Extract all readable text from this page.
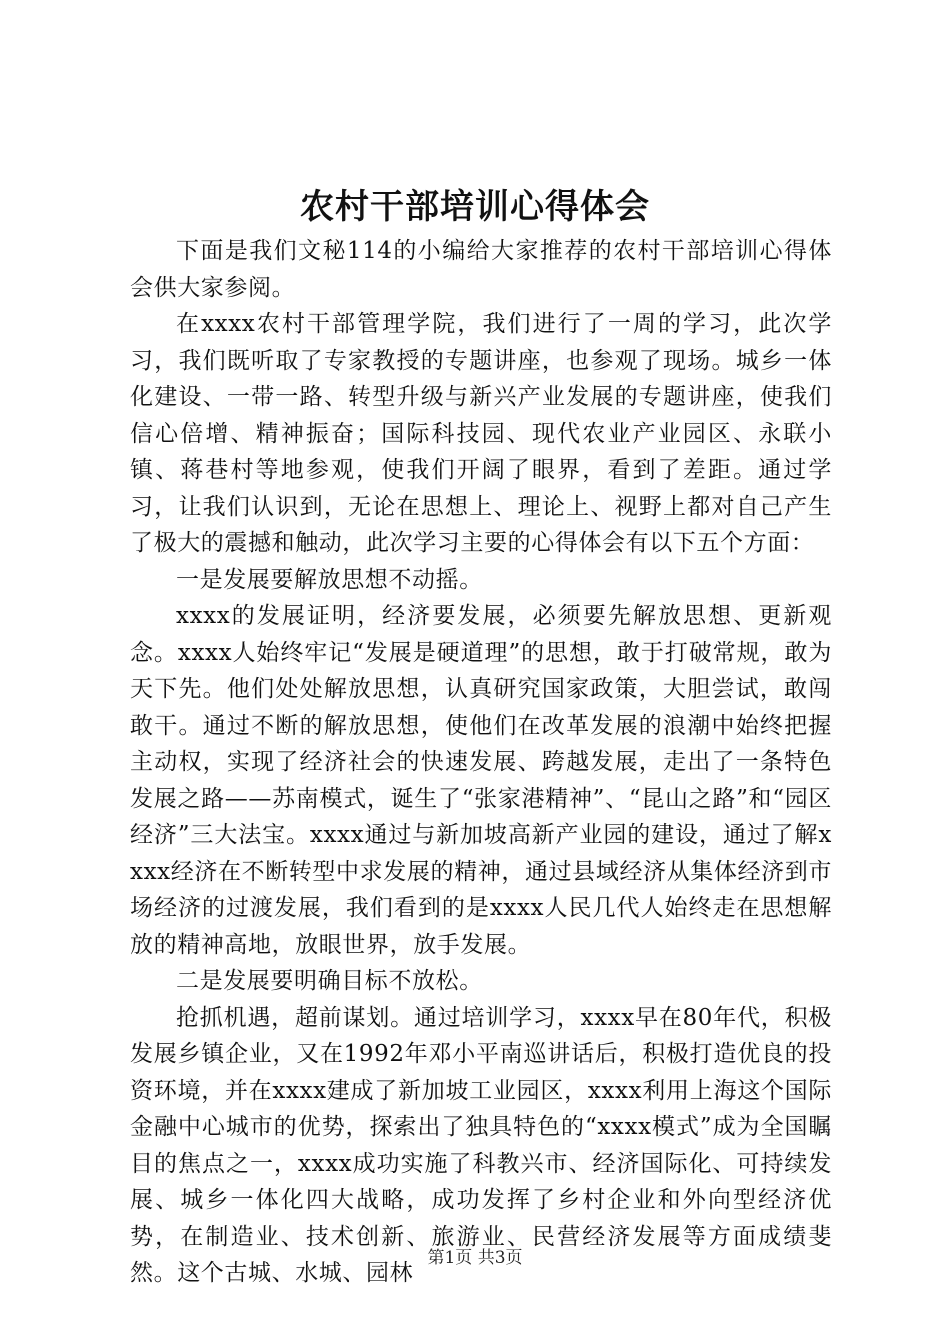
农村干部培训心得体会

下面是我们文秘114的小编给大家推荐的农村干部培训心得体会供大家参阅。

在xxxx农村干部管理学院，我们进行了一周的学习，此次学习，我们既听取了专家教授的专题讲座，也参观了现场。城乡一体化建设、一带一路、转型升级与新兴产业发展的专题讲座，使我们信心倍增、精神振奋；国际科技园、现代农业产业园区、永联小镇、蒋巷村等地参观，使我们开阔了眼界，看到了差距。通过学习，让我们认识到，无论在思想上、理论上、视野上都对自己产生了极大的震撼和触动，此次学习主要的心得体会有以下五个方面：

一是发展要解放思想不动摇。

xxxx的发展证明，经济要发展，必须要先解放思想、更新观念。xxxx人始终牢记“发展是硬道理”的思想，敢于打破常规，敢为天下先。他们处处解放思想，认真研究国家政策，大胆尝试，敢闯敢干。通过不断的解放思想，使他们在改革发展的浪潮中始终把握主动权，实现了经济社会的快速发展、跨越发展，走出了一条特色发展之路——苏南模式，诞生了“张家港精神”、“昆山之路”和“园区经济”三大法宝。xxxx通过与新加坡高新产业园的建设，通过了解xxxx经济在不断转型中求发展的精神，通过县域经济从集体经济到市场经济的过渡发展，我们看到的是xxxx人民几代人始终走在思想解放的精神高地，放眼世界，放手发展。

二是发展要明确目标不放松。

抢抓机遇，超前谋划。通过培训学习，xxxx早在80年代，积极发展乡镇企业，又在1992年邓小平南巡讲话后，积极打造优良的投资环境，并在xxxx建成了新加坡工业园区，xxxx利用上海这个国际金融中心城市的优势，探索出了独具特色的“xxxx模式”成为全国瞩目的焦点之一，xxxx成功实施了科教兴市、经济国际化、可持续发展、城乡一体化四大战略，成功发挥了乡村企业和外向型经济优势，在制造业、技术创新、旅游业、民营经济发展等方面成绩斐然。这个古城、水城、园林

第1页 共3页
